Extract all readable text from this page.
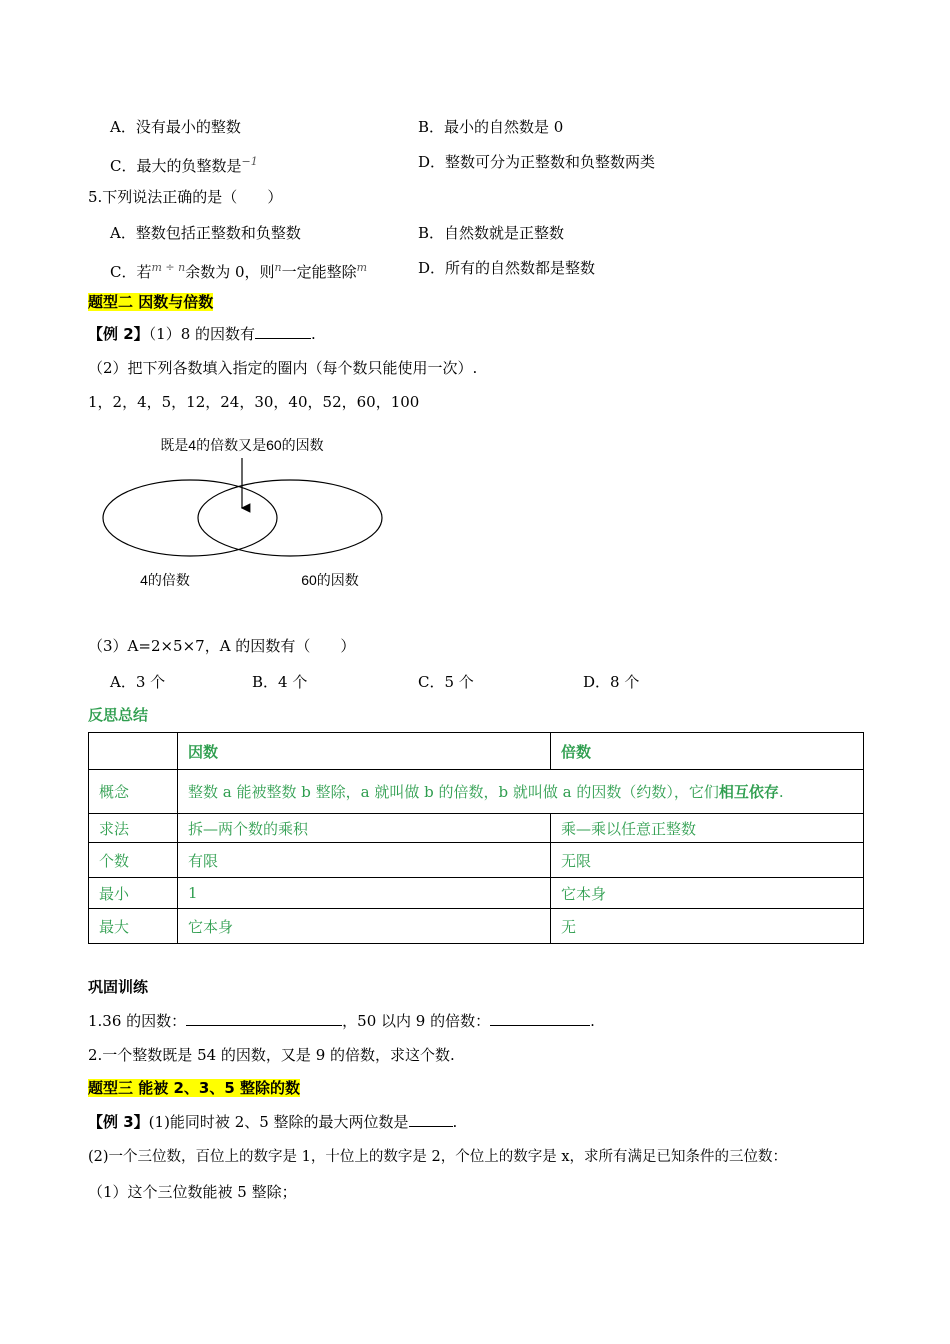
A．没有最小的整数	B．最小的自然数是 0
C．最大的负整数是$^{-1}$	D．整数可分为正整数和负整数两类
5.下列说法正确的是（　　）
A．整数包括正整数和负整数	B．自然数就是正整数
C．若$^{m \div n}$余数为 0，则$^n$一定能整除$^m$	D．所有的自然数都是整数
题型二 因数与倍数
【例 2】（1）8 的因数有	.
（2）把下列各数填入指定的圈内（每个数只能使用一次）.
1，2，4，5，12，24，30，40，52，60，100
既是4的倍数又是60的因数
4的倍数	60的因数
（3）A=2×5×7，A 的因数有（　　）
A．3 个	B．4 个	C．5 个	D．8 个
反思总结
	因数	倍数
概念	整数 a 能被整数 b 整除，a 就叫做 b 的倍数，b 就叫做 a 的因数（约数），它们相互依存.	
求法	拆—两个数的乘积	乘—乘以任意正整数
个数	有限	无限
最小	1	它本身
最大	它本身	无
巩固训练
1.36 的因数：	，50 以内 9 的倍数：	.
2.一个整数既是 54 的因数，又是 9 的倍数，求这个数.
题型三 能被 2、3、5 整除的数
【例 3】(1)能同时被 2、5 整除的最大两位数是	.
(2)一个三位数，百位上的数字是 1，十位上的数字是 2，个位上的数字是 x，求所有满足已知条件的三位数：
（1）这个三位数能被 5 整除；
